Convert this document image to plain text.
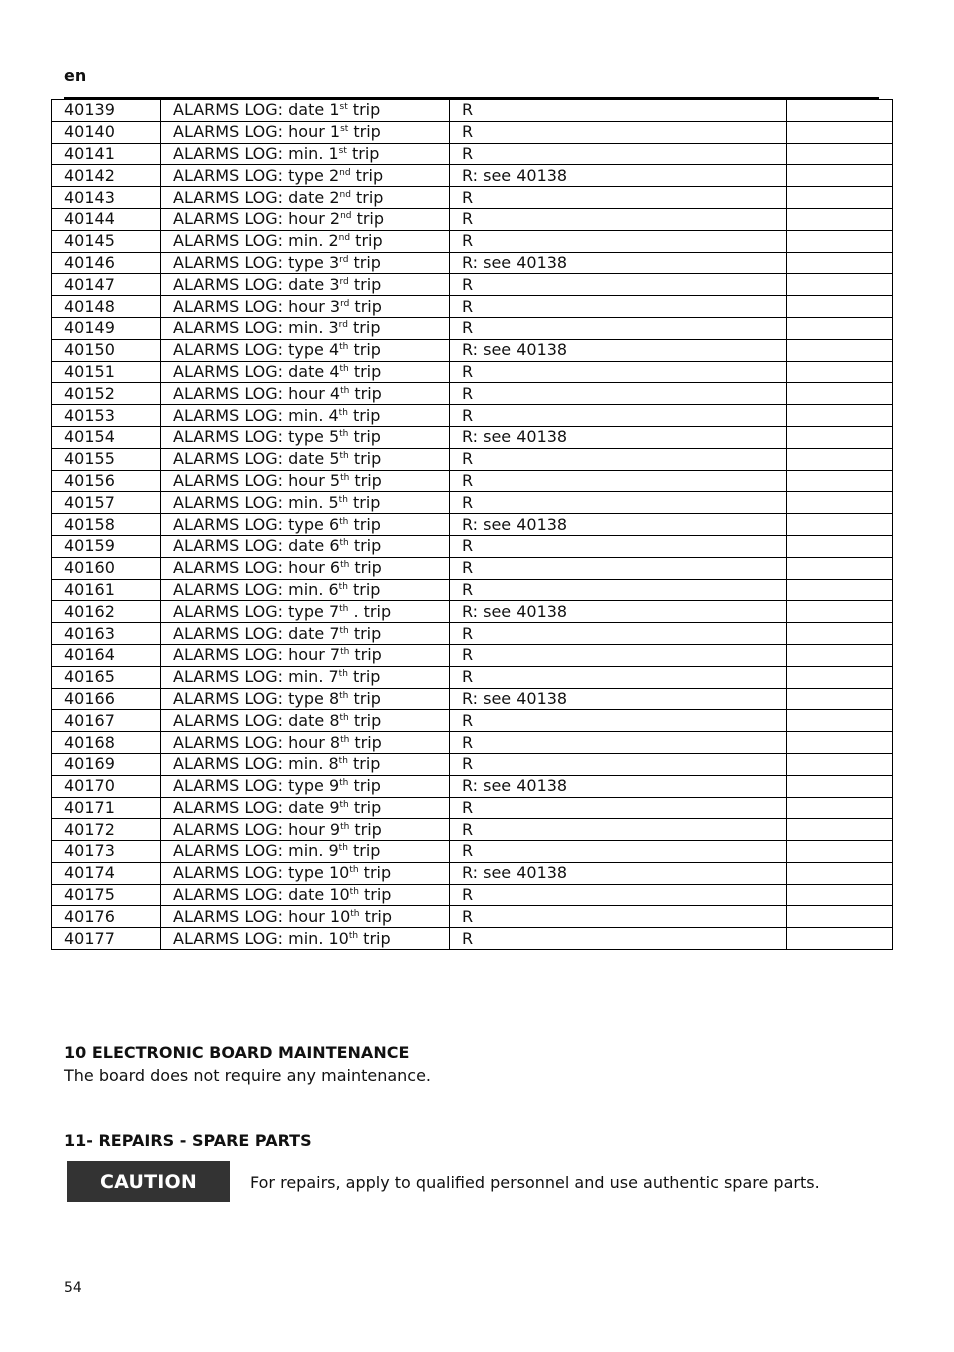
en
40139	ALARMS LOG: date 1st trip	R	
40140	ALARMS LOG: hour 1st trip	R	
40141	ALARMS LOG: min. 1st trip	R	
40142	ALARMS LOG: type 2nd trip	R: see 40138	
40143	ALARMS LOG: date 2nd trip	R	
40144	ALARMS LOG: hour 2nd trip	R	
40145	ALARMS LOG: min. 2nd trip	R	
40146	ALARMS LOG: type 3rd trip	R: see 40138	
40147	ALARMS LOG: date 3rd trip	R	
40148	ALARMS LOG: hour 3rd trip	R	
40149	ALARMS LOG: min. 3rd trip	R	
40150	ALARMS LOG: type 4th trip	R: see 40138	
40151	ALARMS LOG: date 4th trip	R	
40152	ALARMS LOG: hour 4th trip	R	
40153	ALARMS LOG: min. 4th trip	R	
40154	ALARMS LOG: type 5th trip	R: see 40138	
40155	ALARMS LOG: date 5th trip	R	
40156	ALARMS LOG: hour 5th trip	R	
40157	ALARMS LOG: min. 5th trip	R	
40158	ALARMS LOG: type 6th trip	R: see 40138	
40159	ALARMS LOG: date 6th trip	R	
40160	ALARMS LOG: hour 6th trip	R	
40161	ALARMS LOG: min. 6th trip	R	
40162	ALARMS LOG: type 7th . trip	R: see 40138	
40163	ALARMS LOG: date 7th trip	R	
40164	ALARMS LOG: hour 7th trip	R	
40165	ALARMS LOG: min. 7th trip	R	
40166	ALARMS LOG: type 8th trip	R: see 40138	
40167	ALARMS LOG: date 8th trip	R	
40168	ALARMS LOG: hour 8th trip	R	
40169	ALARMS LOG: min. 8th trip	R	
40170	ALARMS LOG: type 9th trip	R: see 40138	
40171	ALARMS LOG: date 9th trip	R	
40172	ALARMS LOG: hour 9th trip	R	
40173	ALARMS LOG: min. 9th trip	R	
40174	ALARMS LOG: type 10th trip	R: see 40138	
40175	ALARMS LOG: date 10th trip	R	
40176	ALARMS LOG: hour 10th trip	R	
40177	ALARMS LOG: min. 10th trip	R	
10 ELECTRONIC BOARD MAINTENANCE
The board does not require any maintenance.
11- REPAIRS - SPARE PARTS
CAUTION	For repairs, apply to qualified personnel and use authentic spare parts.
54
